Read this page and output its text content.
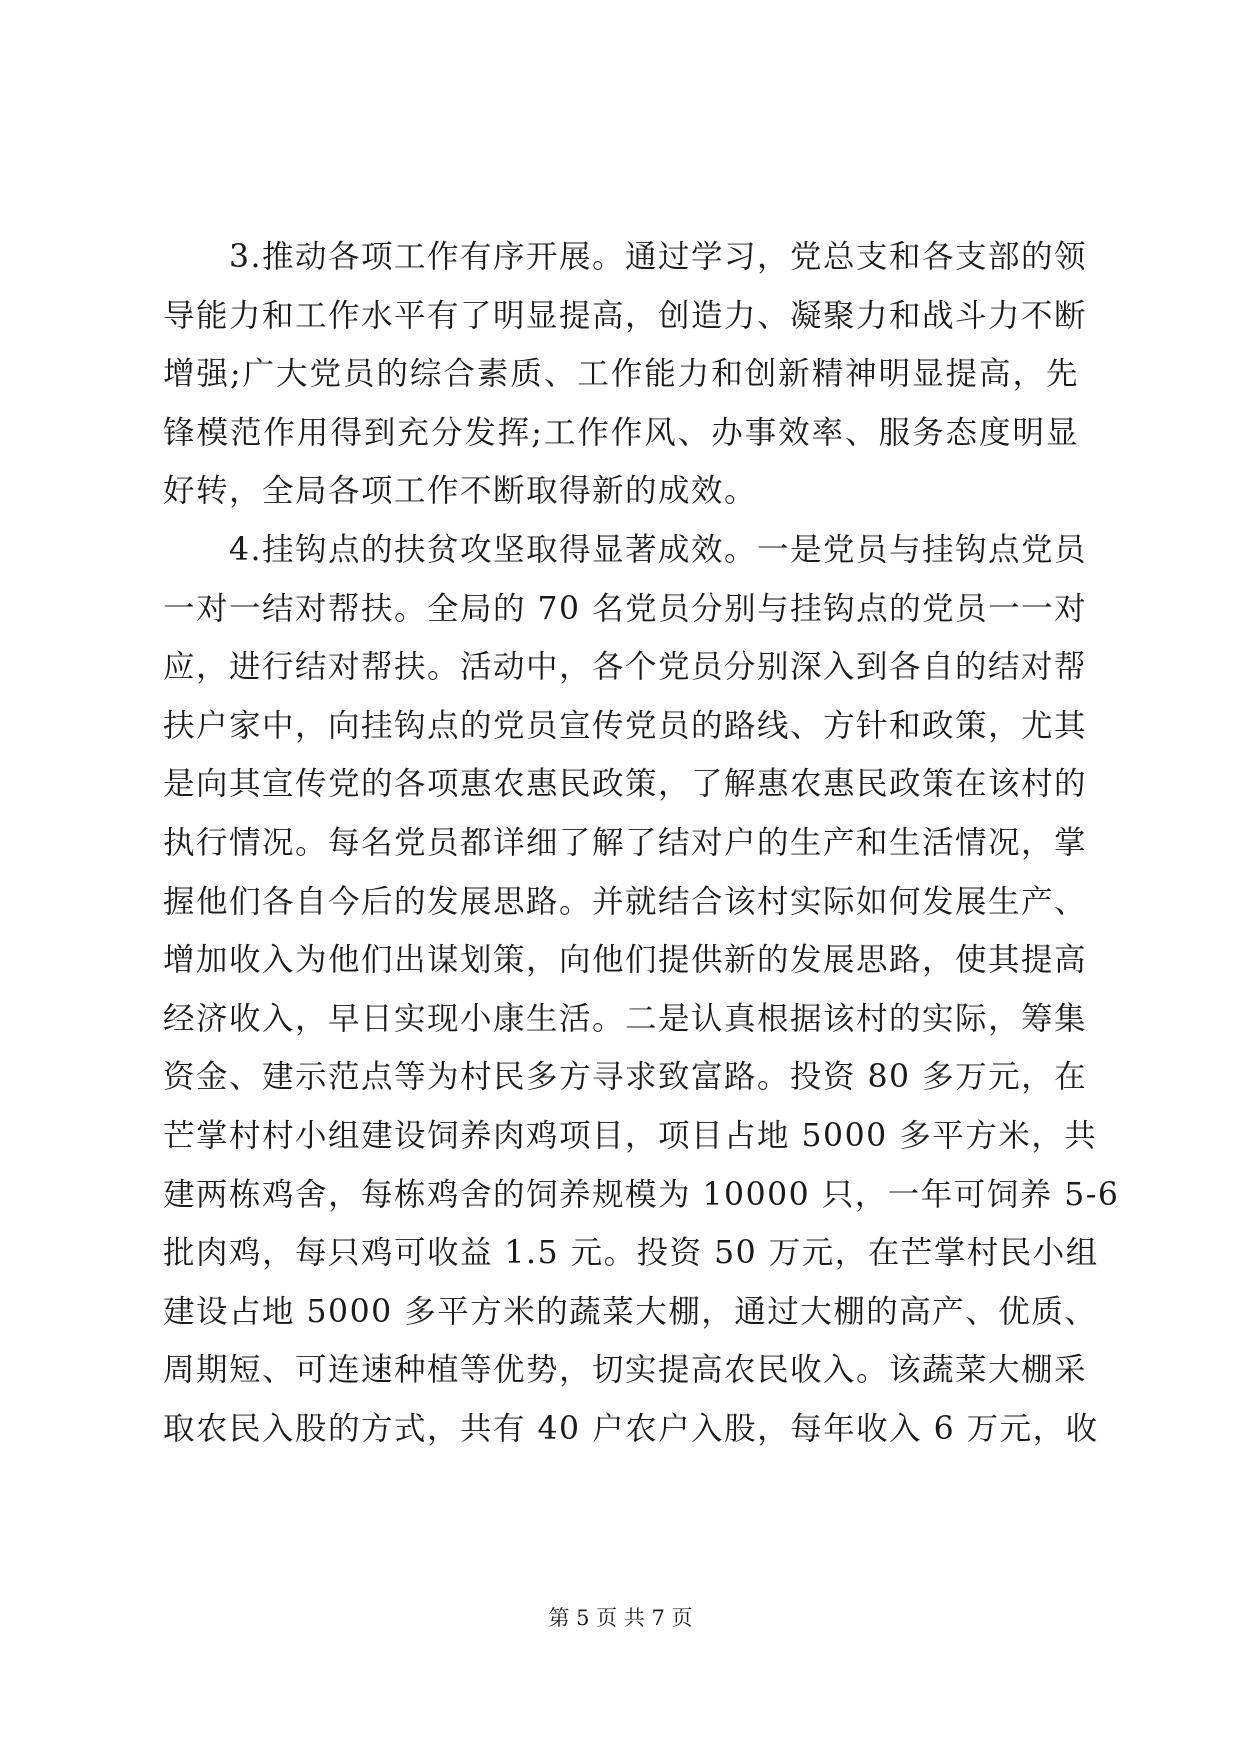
3.推动各项工作有序开展。通过学习，党总支和各支部的领
导能力和工作水平有了明显提高，创造力、凝聚力和战斗力不断
增强;广大党员的综合素质、工作能力和创新精神明显提高，先
锋模范作用得到充分发挥;工作作风、办事效率、服务态度明显
好转，全局各项工作不断取得新的成效。
4.挂钩点的扶贫攻坚取得显著成效。一是党员与挂钩点党员
一对一结对帮扶。全局的 70 名党员分别与挂钩点的党员一一对
应，进行结对帮扶。活动中，各个党员分别深入到各自的结对帮
扶户家中，向挂钩点的党员宣传党员的路线、方针和政策，尤其
是向其宣传党的各项惠农惠民政策，了解惠农惠民政策在该村的
执行情况。每名党员都详细了解了结对户的生产和生活情况，掌
握他们各自今后的发展思路。并就结合该村实际如何发展生产、
增加收入为他们出谋划策，向他们提供新的发展思路，使其提高
经济收入，早日实现小康生活。二是认真根据该村的实际，筹集
资金、建示范点等为村民多方寻求致富路。投资 80 多万元，在
芒掌村村小组建设饲养肉鸡项目，项目占地 5000 多平方米，共
建两栋鸡舍，每栋鸡舍的饲养规模为 10000 只，一年可饲养 5-6
批肉鸡，每只鸡可收益 1.5 元。投资 50 万元，在芒掌村民小组
建设占地 5000 多平方米的蔬菜大棚，通过大棚的高产、优质、
周期短、可连速种植等优势，切实提高农民收入。该蔬菜大棚采
取农民入股的方式，共有 40 户农户入股，每年收入 6 万元，收
第 5 页 共 7 页
